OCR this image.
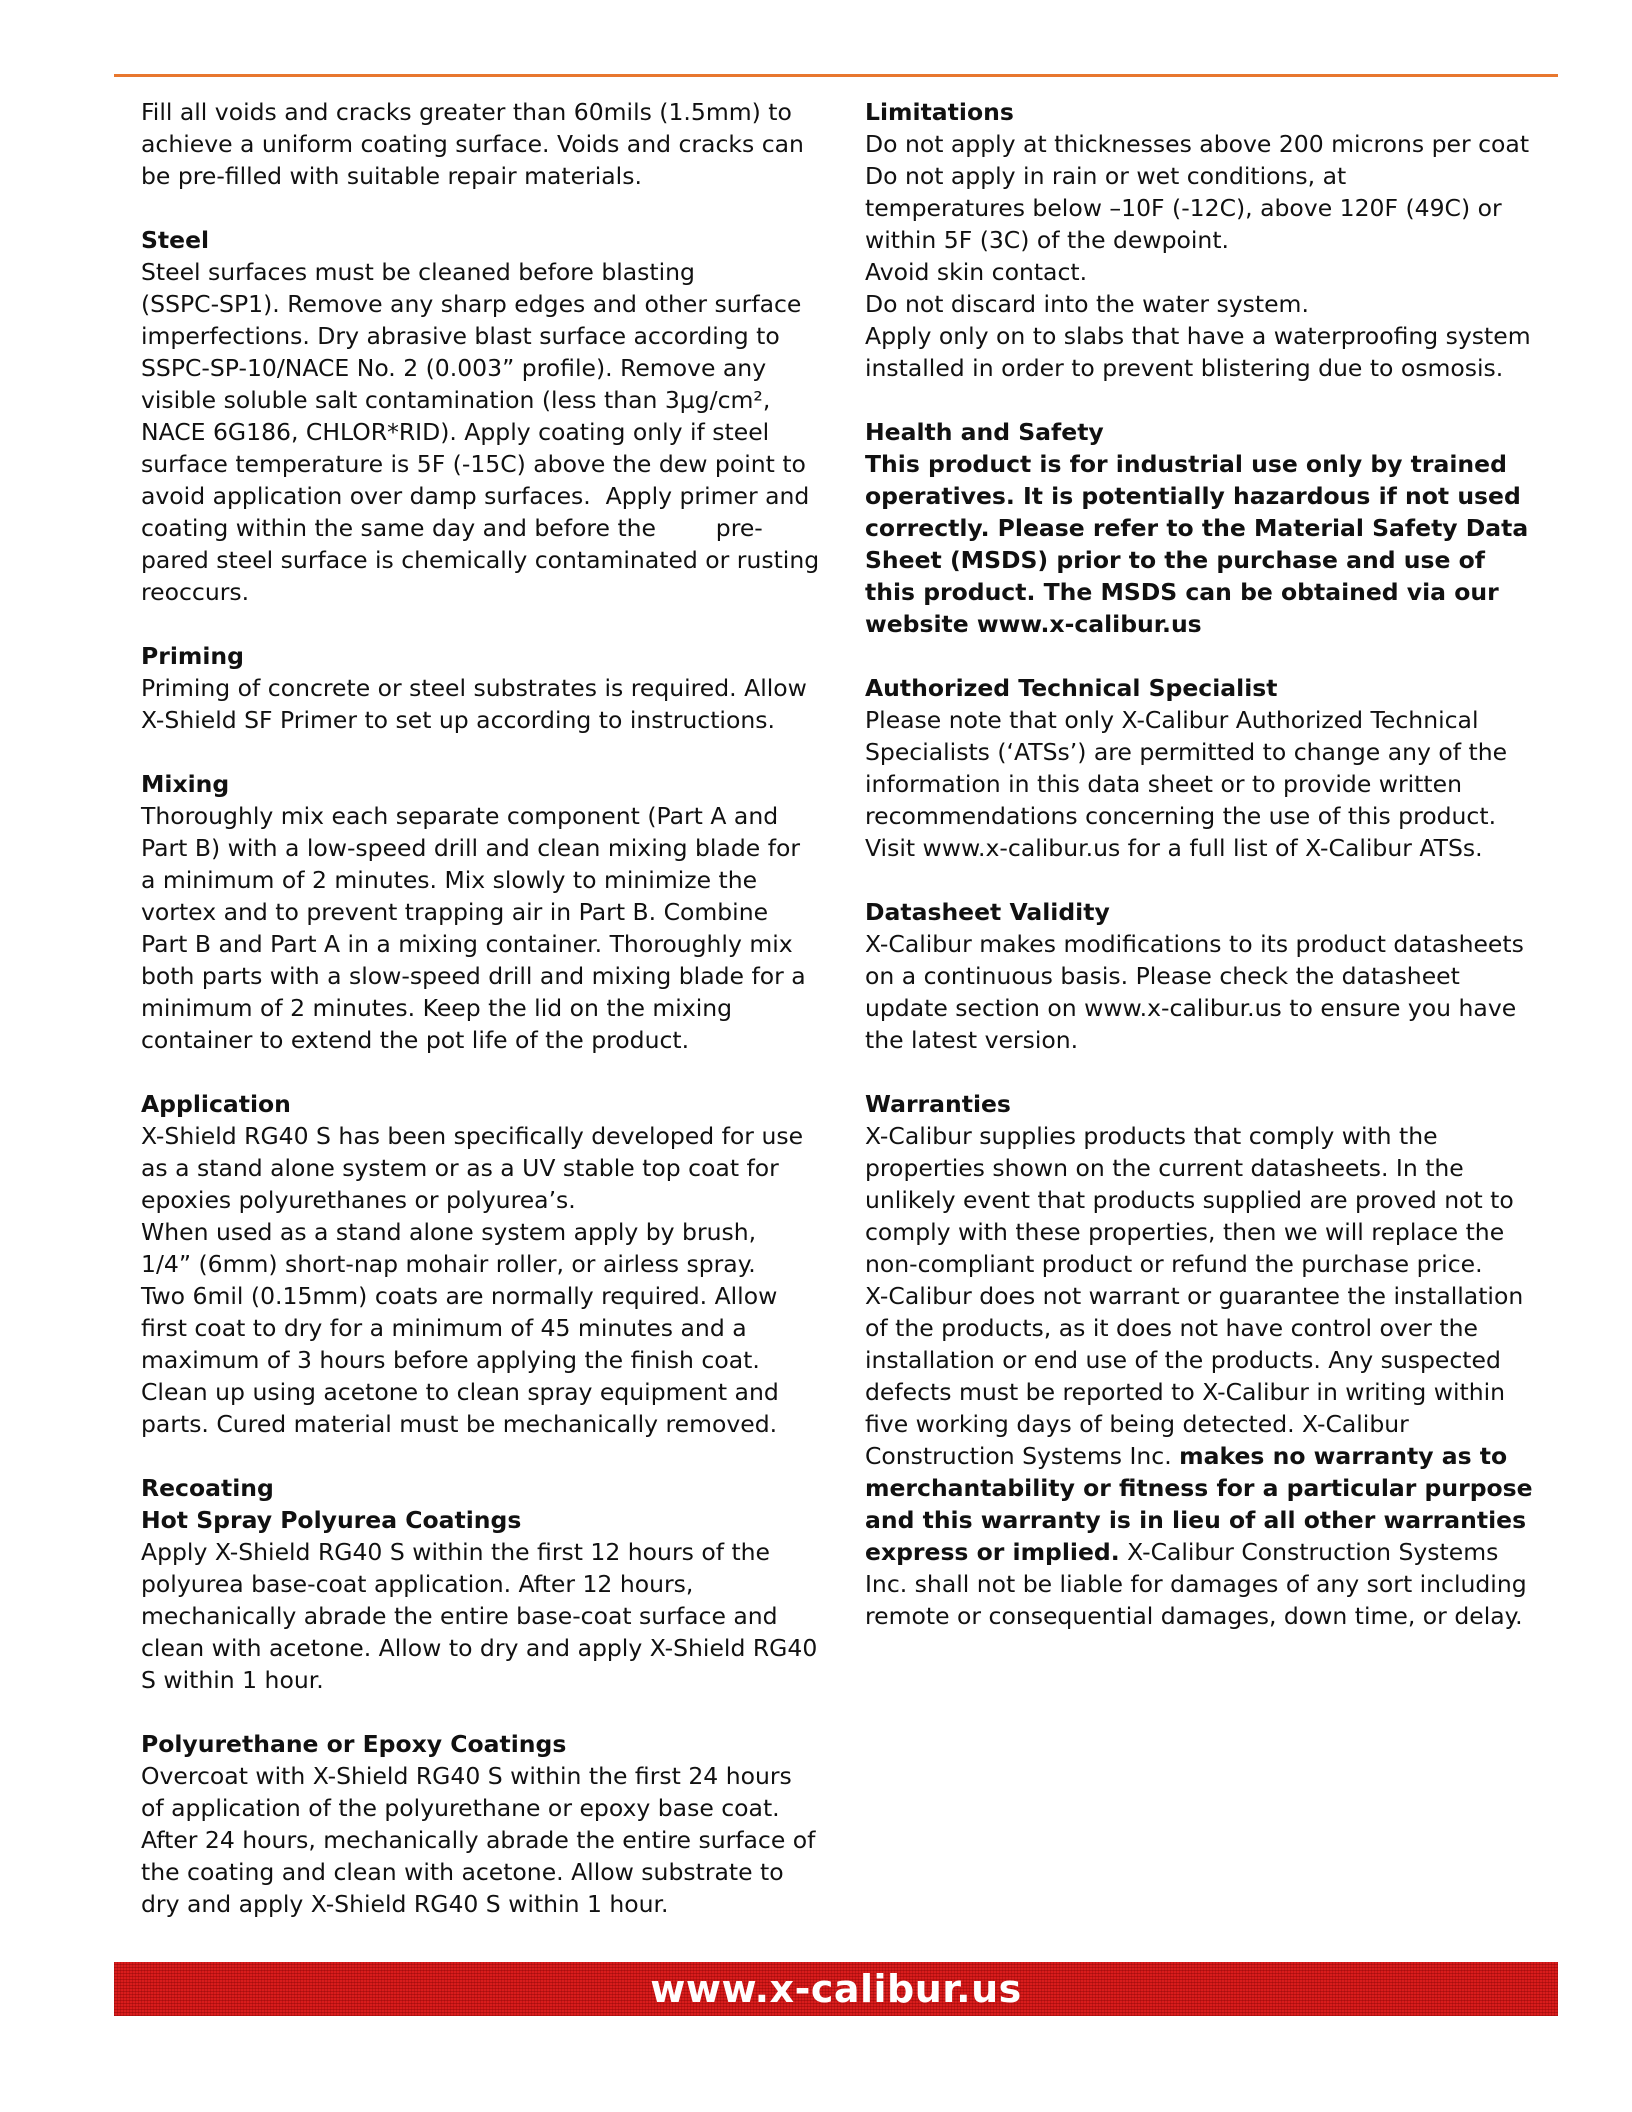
Fill all voids and cracks greater than 60mils (1.5mm) to
achieve a uniform coating surface. Voids and cracks can
be pre-filled with suitable repair materials.
Steel
Steel surfaces must be cleaned before blasting
(SSPC-SP1). Remove any sharp edges and other surface
imperfections. Dry abrasive blast surface according to
SSPC-SP-10/NACE No. 2 (0.003” profile). Remove any
visible soluble salt contamination (less than 3µg/cm²,
NACE 6G186, CHLOR*RID). Apply coating only if steel
surface temperature is 5F (-15C) above the dew point to
avoid application over damp surfaces.  Apply primer and
coating within the same day and before the        pre-
pared steel surface is chemically contaminated or rusting
reoccurs.
Priming
Priming of concrete or steel substrates is required. Allow
X-Shield SF Primer to set up according to instructions.
Mixing
Thoroughly mix each separate component (Part A and
Part B) with a low-speed drill and clean mixing blade for
a minimum of 2 minutes. Mix slowly to minimize the
vortex and to prevent trapping air in Part B. Combine
Part B and Part A in a mixing container. Thoroughly mix
both parts with a slow-speed drill and mixing blade for a
minimum of 2 minutes. Keep the lid on the mixing
container to extend the pot life of the product.
Application
X-Shield RG40 S has been specifically developed for use
as a stand alone system or as a UV stable top coat for
epoxies polyurethanes or polyurea’s.
When used as a stand alone system apply by brush,
1/4” (6mm) short-nap mohair roller, or airless spray.
Two 6mil (0.15mm) coats are normally required. Allow
first coat to dry for a minimum of 45 minutes and a
maximum of 3 hours before applying the finish coat.
Clean up using acetone to clean spray equipment and
parts. Cured material must be mechanically removed.
Recoating
Hot Spray Polyurea Coatings
Apply X-Shield RG40 S within the first 12 hours of the
polyurea base-coat application. After 12 hours,
mechanically abrade the entire base-coat surface and
clean with acetone. Allow to dry and apply X-Shield RG40
S within 1 hour.
Polyurethane or Epoxy Coatings
Overcoat with X-Shield RG40 S within the first 24 hours
of application of the polyurethane or epoxy base coat.
After 24 hours, mechanically abrade the entire surface of
the coating and clean with acetone. Allow substrate to
dry and apply X-Shield RG40 S within 1 hour.
Limitations
Do not apply at thicknesses above 200 microns per coat
Do not apply in rain or wet conditions, at
temperatures below –10F (-12C), above 120F (49C) or
within 5F (3C) of the dewpoint.
Avoid skin contact.
Do not discard into the water system.
Apply only on to slabs that have a waterproofing system
installed in order to prevent blistering due to osmosis.
Health and Safety
This product is for industrial use only by trained
operatives. It is potentially hazardous if not used
correctly. Please refer to the Material Safety Data
Sheet (MSDS) prior to the purchase and use of
this product. The MSDS can be obtained via our
website www.x-calibur.us
Authorized Technical Specialist
Please note that only X-Calibur Authorized Technical
Specialists (‘ATSs’) are permitted to change any of the
information in this data sheet or to provide written
recommendations concerning the use of this product.
Visit www.x-calibur.us for a full list of X-Calibur ATSs.
Datasheet Validity
X-Calibur makes modifications to its product datasheets
on a continuous basis. Please check the datasheet
update section on www.x-calibur.us to ensure you have
the latest version.
Warranties
X-Calibur supplies products that comply with the
properties shown on the current datasheets. In the
unlikely event that products supplied are proved not to
comply with these properties, then we will replace the
non-compliant product or refund the purchase price.
X-Calibur does not warrant or guarantee the installation
of the products, as it does not have control over the
installation or end use of the products. Any suspected
defects must be reported to X-Calibur in writing within
five working days of being detected. X-Calibur
Construction Systems Inc. makes no warranty as to
merchantability or fitness for a particular purpose
and this warranty is in lieu of all other warranties
express or implied. X-Calibur Construction Systems
Inc. shall not be liable for damages of any sort including
remote or consequential damages, down time, or delay.
www.x-calibur.us
